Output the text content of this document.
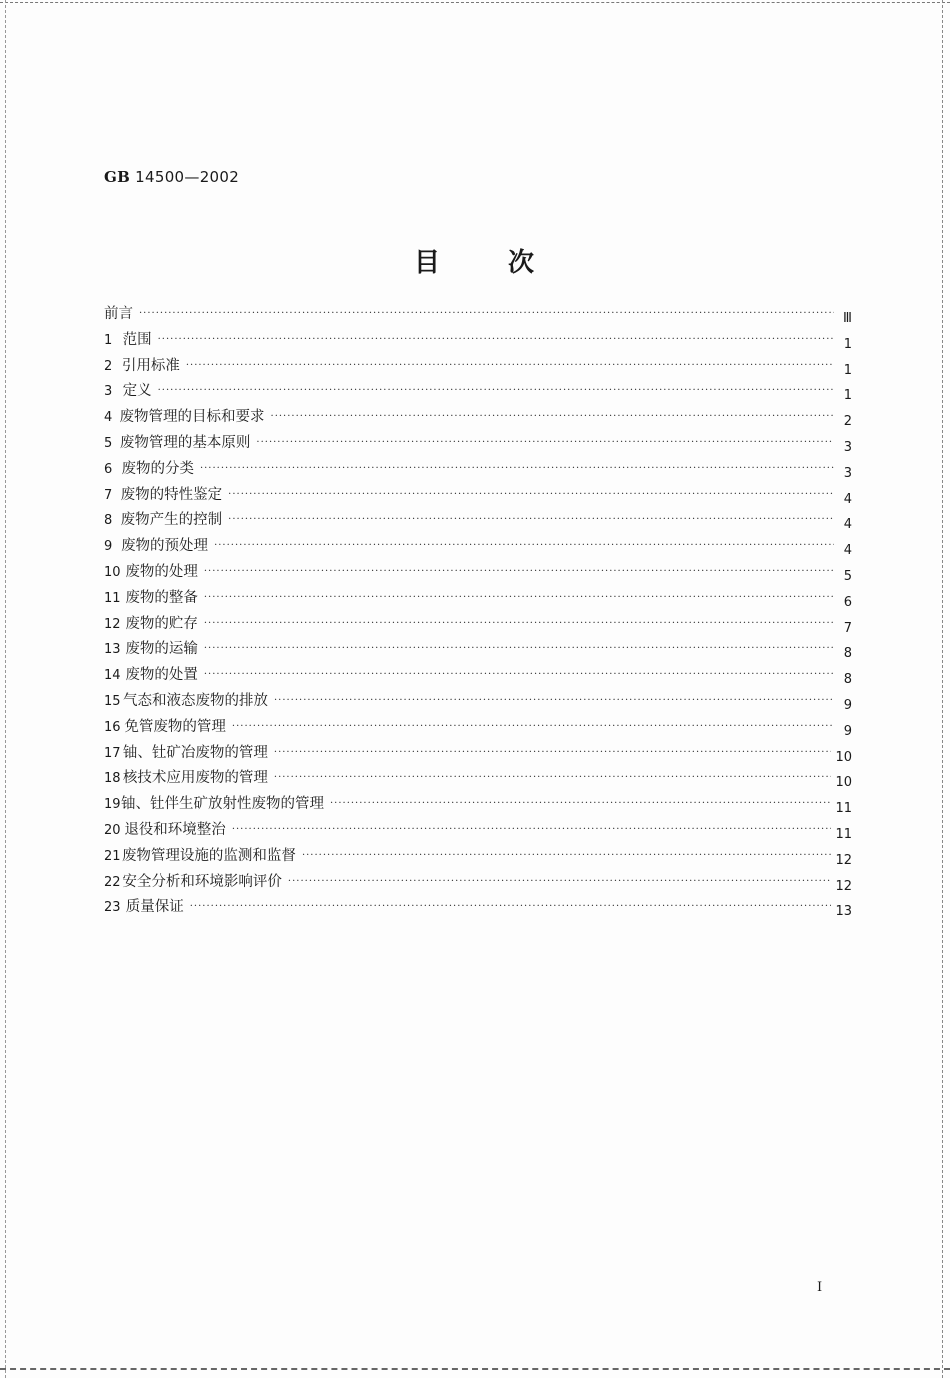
GB 14500—2002
目次
前言 ·····	Ⅲ
1 范围 ·····	1
2 引用标准 ·····	1
3 定义 ·····	1
4 废物管理的目标和要求 ·····	2
5 废物管理的基本原则 ·····	3
6 废物的分类 ·····	3
7 废物的特性鉴定 ·····	4
8 废物产生的控制 ·····	4
9 废物的预处理 ·····	4
10 废物的处理 ·····	5
11 废物的整备 ·····	6
12 废物的贮存 ·····	7
13 废物的运输 ·····	8
14 废物的处置 ·····	8
15 气态和液态废物的排放 ·····	9
16 免管废物的管理 ·····	9
17 铀、钍矿冶废物的管理 ·····	10
18 核技术应用废物的管理 ·····	10
19 铀、钍伴生矿放射性废物的管理 ·····	11
20 退役和环境整治 ·····	11
21 废物管理设施的监测和监督 ·····	12
22 安全分析和环境影响评价 ·····	12
23 质量保证 ·····	13
I
